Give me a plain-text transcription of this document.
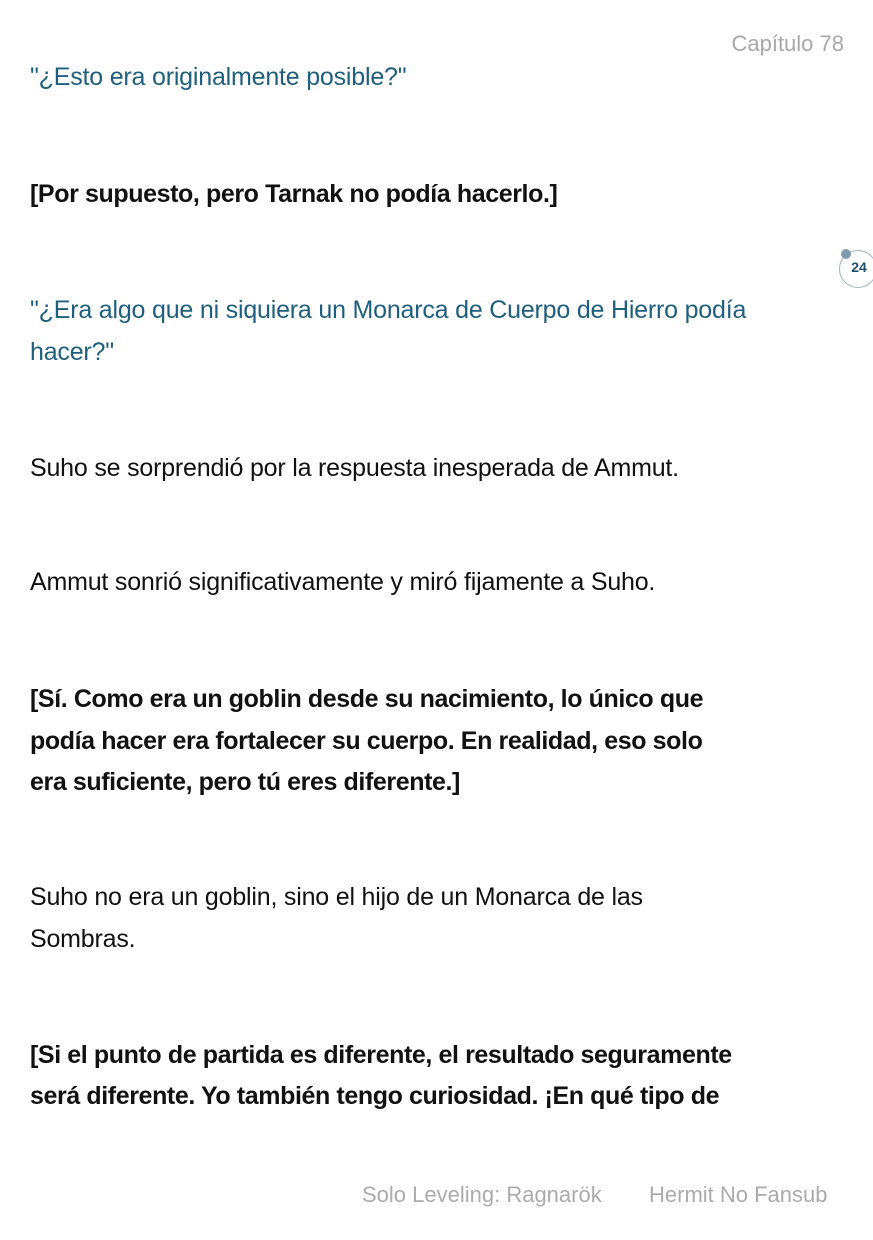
Capítulo 78
"¿Esto era originalmente posible?"
[Por supuesto, pero Tarnak no podía hacerlo.]
"¿Era algo que ni siquiera un Monarca de Cuerpo de Hierro podía
hacer?"
Suho se sorprendió por la respuesta inesperada de Ammut.
Ammut sonrió significativamente y miró fijamente a Suho.
[Sí. Como era un goblin desde su nacimiento, lo único que
podía hacer era fortalecer su cuerpo. En realidad, eso solo
era suficiente, pero tú eres diferente.]
Suho no era un goblin, sino el hijo de un Monarca de las
Sombras.
[Si el punto de partida es diferente, el resultado seguramente
será diferente. Yo también tengo curiosidad. ¡En qué tipo de
24
Solo Leveling: Ragnarök Hermit No Fansub
